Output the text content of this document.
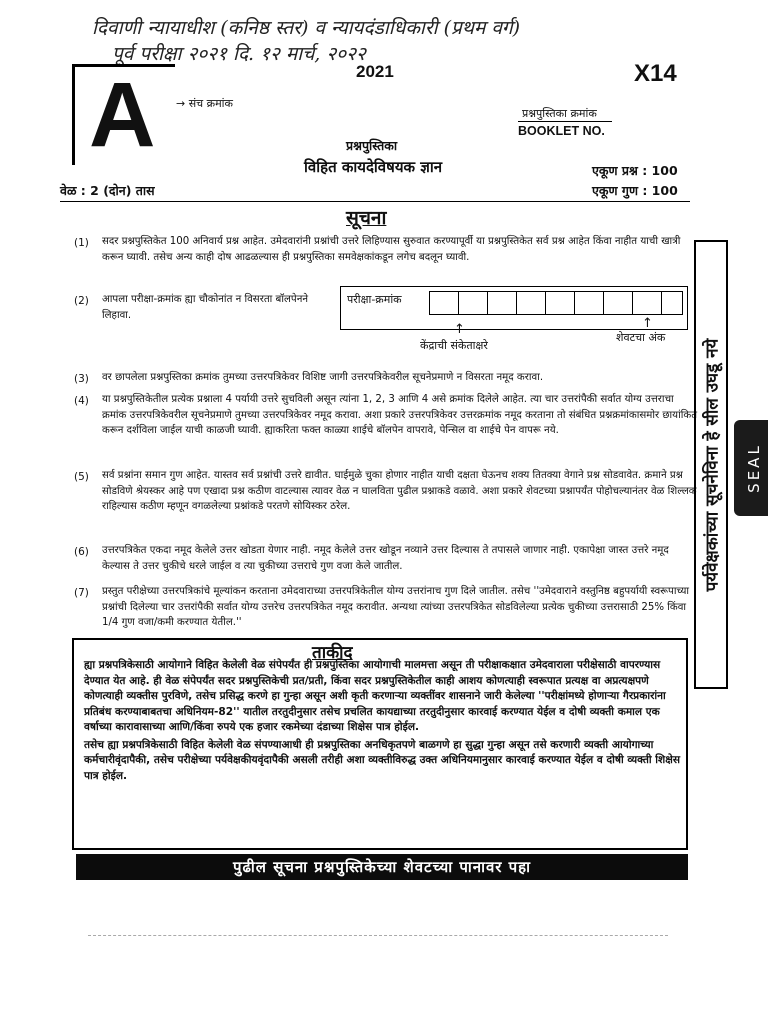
दिवाणी न्यायाधीश (कनिष्ठ स्तर) व न्यायदंडाधिकारी (प्रथम वर्ग)
पूर्व परीक्षा २०२१ दि. १२ मार्च, २०२२
A → संच क्रमांक
2021	X14
प्रश्नपुस्तिका क्रमांक
BOOKLET NO.
प्रश्नपुस्तिका
विहित कायदेविषयक ज्ञान	एकूण प्रश्न : 100
एकूण गुण : 100
वेळ : 2 (दोन) तास
सूचना
(1) सदर प्रश्नपुस्तिकेत 100 अनिवार्य प्रश्न आहेत. उमेदवारांनी प्रश्नांची उत्तरे लिहिण्यास सुरुवात करण्यापूर्वी या प्रश्नपुस्तिकेत सर्व प्रश्न आहेत किंवा नाहीत याची खात्री करून घ्यावी. तसेच अन्य काही दोष आढळल्यास ही प्रश्नपुस्तिका समवेक्षकांकडून लगेच बदलून घ्यावी.
(2) आपला परीक्षा-क्रमांक ह्या चौकोनांत न विसरता बॉलपेनने लिहावा.
(3) वर छापलेला प्रश्नपुस्तिका क्रमांक तुमच्या उत्तरपत्रिकेवर विशिष्ट जागी उत्तरपत्रिकेवरील सूचनेप्रमाणे न विसरता नमूद करावा.
(4) या प्रश्नपुस्तिकेतील प्रत्येक प्रश्नाला 4 पर्यायी उत्तरे सुचविली असून त्यांना 1, 2, 3 आणि 4 असे क्रमांक दिलेले आहेत. त्या चार उत्तरांपैकी सर्वात योग्य उत्तराचा क्रमांक उत्तरपत्रिकेवरील सूचनेप्रमाणे तुमच्या उत्तरपत्रिकेवर नमूद करावा. अशा प्रकारे उत्तरपत्रिकेवर उत्तरक्रमांक नमूद करताना तो संबंधित प्रश्नक्रमांकासमोर छायांकित करून दर्शविला जाईल याची काळजी घ्यावी. ह्याकरिता फक्त काळ्या शाईचे बॉलपेन वापरावे, पेन्सिल वा शाईचे पेन वापरू नये.
(5) सर्व प्रश्नांना समान गुण आहेत. यास्तव सर्व प्रश्नांची उत्तरे द्यावीत. घाईमुळे चुका होणार नाहीत याची दक्षता घेऊनच शक्य तितक्या वेगाने प्रश्न सोडवावेत. क्रमाने प्रश्न सोडविणे श्रेयस्कर आहे पण एखादा प्रश्न कठीण वाटल्यास त्यावर वेळ न घालविता पुढील प्रश्नाकडे वळावे. अशा प्रकारे शेवटच्या प्रश्नापर्यंत पोहोचल्यानंतर वेळ शिल्लक राहिल्यास कठीण म्हणून वगळलेल्या प्रश्नांकडे परतणे सोयिस्कर ठरेल.
(6) उत्तरपत्रिकेत एकदा नमूद केलेले उत्तर खोडता येणार नाही. नमूद केलेले उत्तर खोडून नव्याने उत्तर दिल्यास ते तपासले जाणार नाही. एकापेक्षा जास्त उत्तरे नमूद केल्यास ते उत्तर चुकीचे धरले जाईल व त्या चुकीच्या उत्तराचे गुण वजा केले जातील.
(7) प्रस्तुत परीक्षेच्या उत्तरपत्रिकांचे मूल्यांकन करताना उमेदवाराच्या उत्तरपत्रिकेतील योग्य उत्तरांनाच गुण दिले जातील. तसेच ''उमेदवाराने वस्तुनिष्ठ बहुपर्यायी स्वरूपाच्या प्रश्नांची दिलेल्या चार उत्तरांपैकी सर्वात योग्य उत्तरेच उत्तरपत्रिकेत नमूद करावीत. अन्यथा त्यांच्या उत्तरपत्रिकेत सोडविलेल्या प्रत्येक चुकीच्या उत्तरासाठी 25% किंवा 1/4 गुण वजा/कमी करण्यात येतील.''
परीक्षा-क्रमांक
↑	↑
केंद्राची संकेताक्षरे
शेवटचा अंक
पर्यवेक्षकांच्या सूचनेविना हे सील उघडू नये SEAL
ताकीद
ह्या प्रश्नपत्रिकेसाठी आयोगाने विहित केलेली वेळ संपेपर्यंत ही प्रश्नपुस्तिका आयोगाची मालमत्ता असून ती परीक्षाकक्षात उमेदवाराला परीक्षेसाठी वापरण्यास देण्यात येत आहे. ही वेळ संपेपर्यंत सदर प्रश्नपुस्तिकेची प्रत/प्रती, किंवा सदर प्रश्नपुस्तिकेतील काही आशय कोणत्याही स्वरूपात प्रत्यक्ष वा अप्रत्यक्षपणे कोणत्याही व्यक्तीस पुरविणे, तसेच प्रसिद्ध करणे हा गुन्हा असून अशी कृती करणाऱ्या व्यक्तींवर शासनाने जारी केलेल्या ''परीक्षांमध्ये होणाऱ्या गैरप्रकारांना प्रतिबंध करण्याबाबतचा अधिनियम-82'' यातील तरतुदीनुसार तसेच प्रचलित कायद्याच्या तरतुदीनुसार कारवाई करण्यात येईल व दोषी व्यक्ती कमाल एक वर्षाच्या कारावासाच्या आणि/किंवा रुपये एक हजार रकमेच्या दंडाच्या शिक्षेस पात्र होईल.
तसेच ह्या प्रश्नपत्रिकेसाठी विहित केलेली वेळ संपण्याआधी ही प्रश्नपुस्तिका अनधिकृतपणे बाळगणे हा सुद्धा गुन्हा असून तसे करणारी व्यक्ती आयोगाच्या कर्मचारीवृंदापैकी, तसेच परीक्षेच्या पर्यवेक्षकीयवृंदापैकी असली तरीही अशा व्यक्तीविरुद्ध उक्त अधिनियमानुसार कारवाई करण्यात येईल व दोषी व्यक्ती शिक्षेस पात्र होईल.
पुढील सूचना प्रश्नपुस्तिकेच्या शेवटच्या पानावर पहा
